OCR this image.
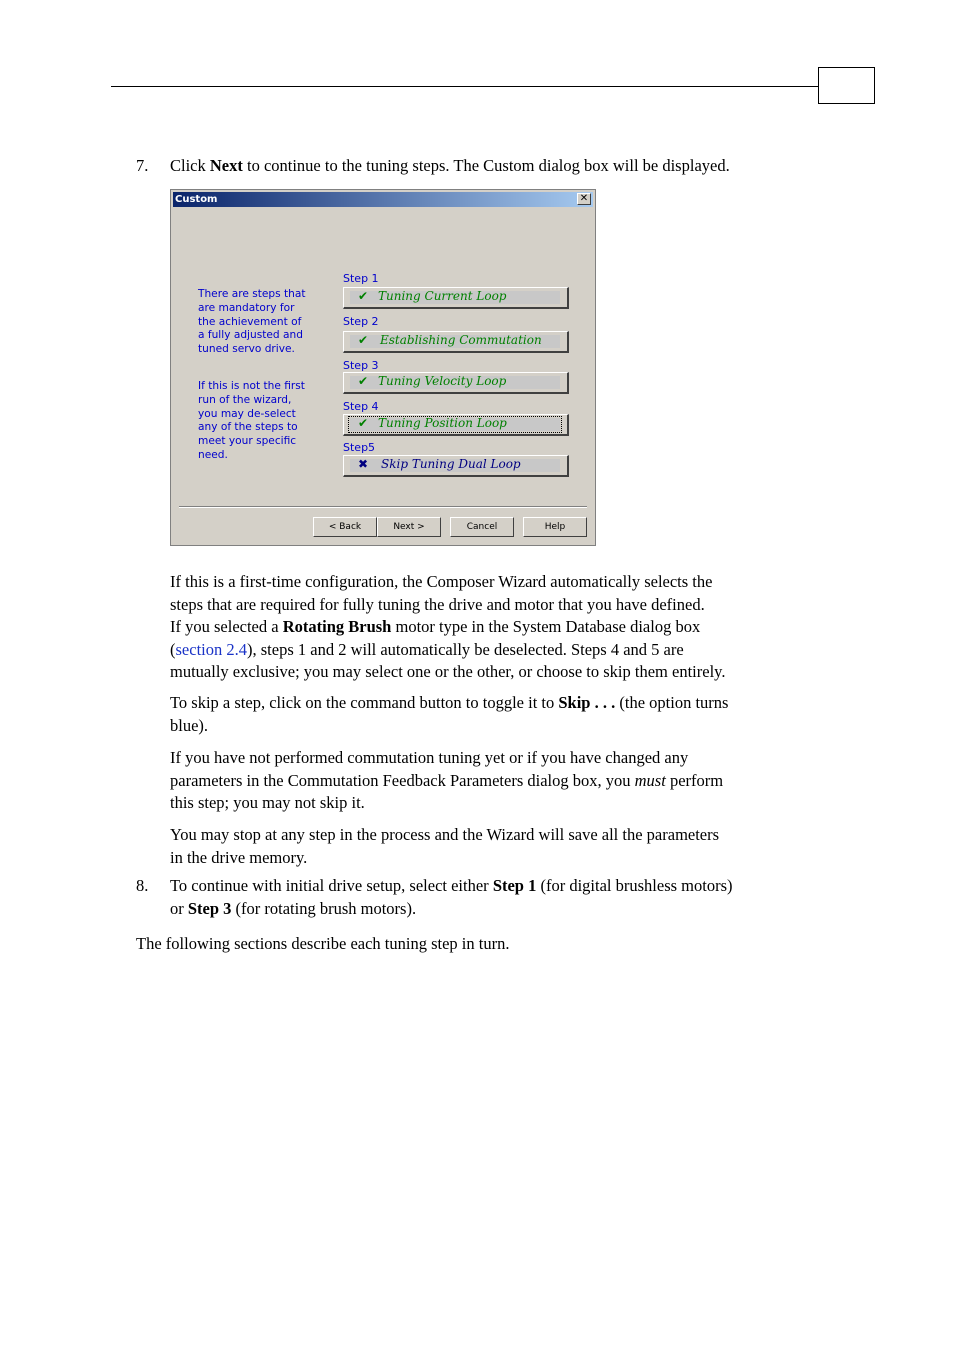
7. Click Next to continue to the tuning steps. The Custom dialog box will be displayed.
Custom	✕
There are steps that
are mandatory for
the achievement of
a fully adjusted and
tuned servo drive.
If this is not the first
run of the wizard,
you may de-select
any of the steps to
meet your specific
need.
Step 1
✔ Tuning Current Loop
Step 2
✔ Establishing Commutation
Step 3
✔ Tuning Velocity Loop
Step 4
✔ Tuning Position Loop
Step5
✖ Skip Tuning Dual Loop
< Back	Next >	Cancel	Help
If this is a first-time configuration, the Composer Wizard automatically selects the
steps that are required for fully tuning the drive and motor that you have defined.
If you selected a Rotating Brush motor type in the System Database dialog box
(section 2.4), steps 1 and 2 will automatically be deselected. Steps 4 and 5 are
mutually exclusive; you may select one or the other, or choose to skip them entirely.
To skip a step, click on the command button to toggle it to Skip . . . (the option turns
blue).
If you have not performed commutation tuning yet or if you have changed any
parameters in the Commutation Feedback Parameters dialog box, you must perform
this step; you may not skip it.
You may stop at any step in the process and the Wizard will save all the parameters
in the drive memory.
8. To continue with initial drive setup, select either Step 1 (for digital brushless motors)
or Step 3 (for rotating brush motors).
The following sections describe each tuning step in turn.
